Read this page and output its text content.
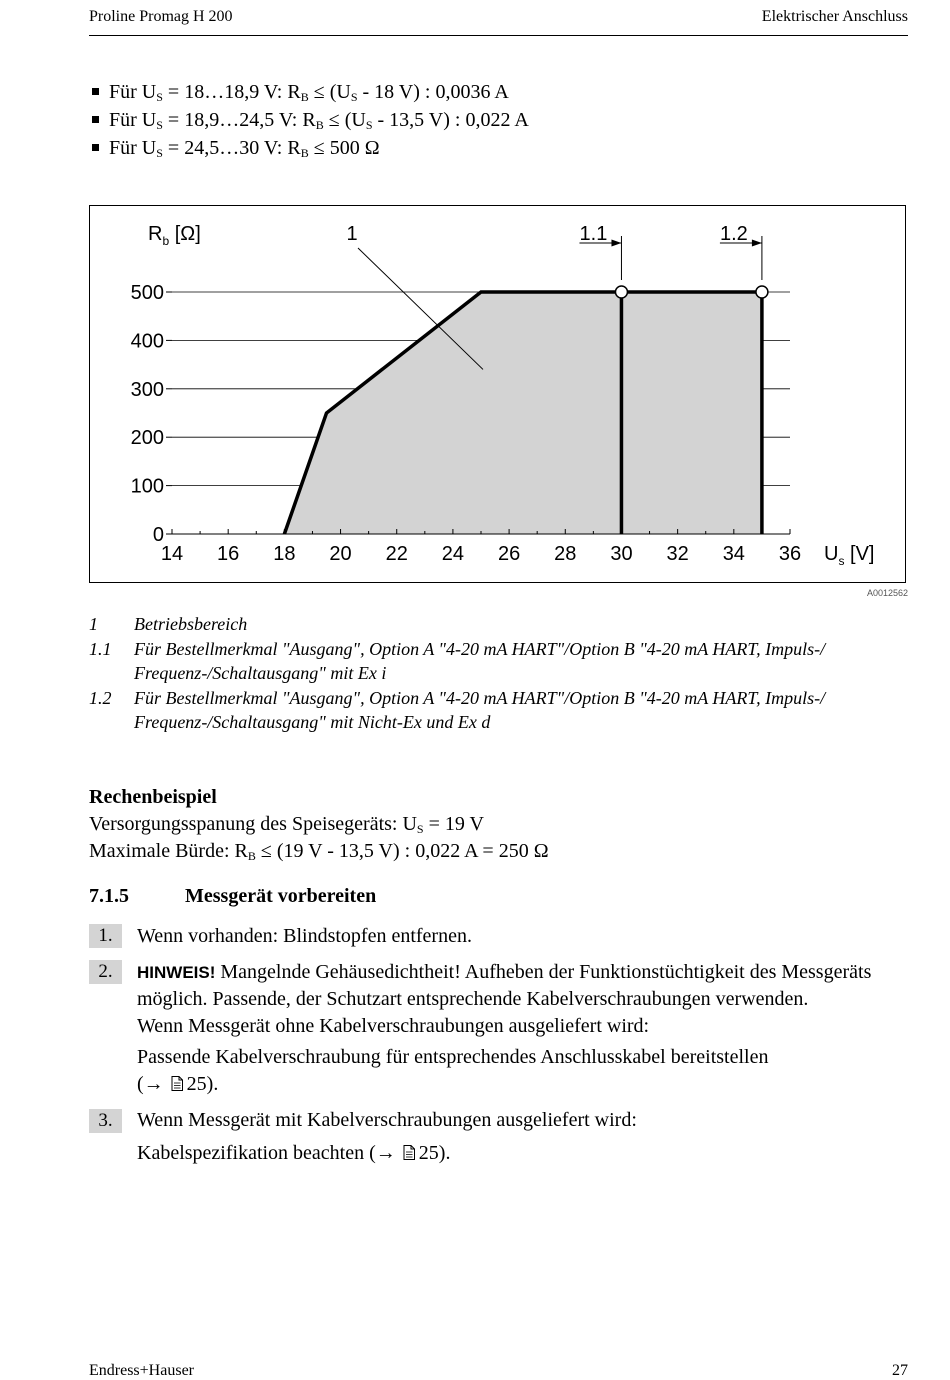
Proline Promag H 200	Elektrischer Anschluss
Für $U_S$ = 18…18,9 V: $R_B \le (U_S - 18$ V) : 0,0036 A
Für $U_S$ = 18,9…24,5 V: $R_B \le (U_S - 13,5$ V) : 0,022 A
Für $U_S$ = 24,5…30 V: $R_B \le 500$ Ω
$R_b$ [Ω]
$U_s$ [V]
0
100
200
300
400
500
14 16 18 20 22 24 26 28 30 32 34 36
1.1	1.2
1
A0012562
1	Betriebsbereich
1.1	Für Bestellmerkmal "Ausgang", Option A "4-20 mA HART"/Option B "4-20 mA HART, Impuls-/ Frequenz-/Schaltausgang" mit Ex i
1.2	Für Bestellmerkmal "Ausgang", Option A "4-20 mA HART"/Option B "4-20 mA HART, Impuls-/ Frequenz-/Schaltausgang" mit Nicht-Ex und Ex d
Rechenbeispiel
Versorgungsspanung des Speisegeräts: $U_S = 19$ V
Maximale Bürde: $R_B \le (19$ V - 13,5 V) : 0,022 A = 250 Ω
7.1.5	Messgerät vorbereiten
1.	Wenn vorhanden: Blindstopfen entfernen.
2.	HINWEIS! Mangelnde Gehäusedichtheit! Aufheben der Funktionstüchtigkeit des Messgeräts möglich. Passende, der Schutzart entsprechende Kabelverschraubungen verwenden.
Wenn Messgerät ohne Kabelverschraubungen ausgeliefert wird:
Passende Kabelverschraubung für entsprechendes Anschlusskabel bereitstellen
(→ 25).
3.	Wenn Messgerät mit Kabelverschraubungen ausgeliefert wird:
Kabelspezifikation beachten (→ 25).
Endress+Hauser	27
